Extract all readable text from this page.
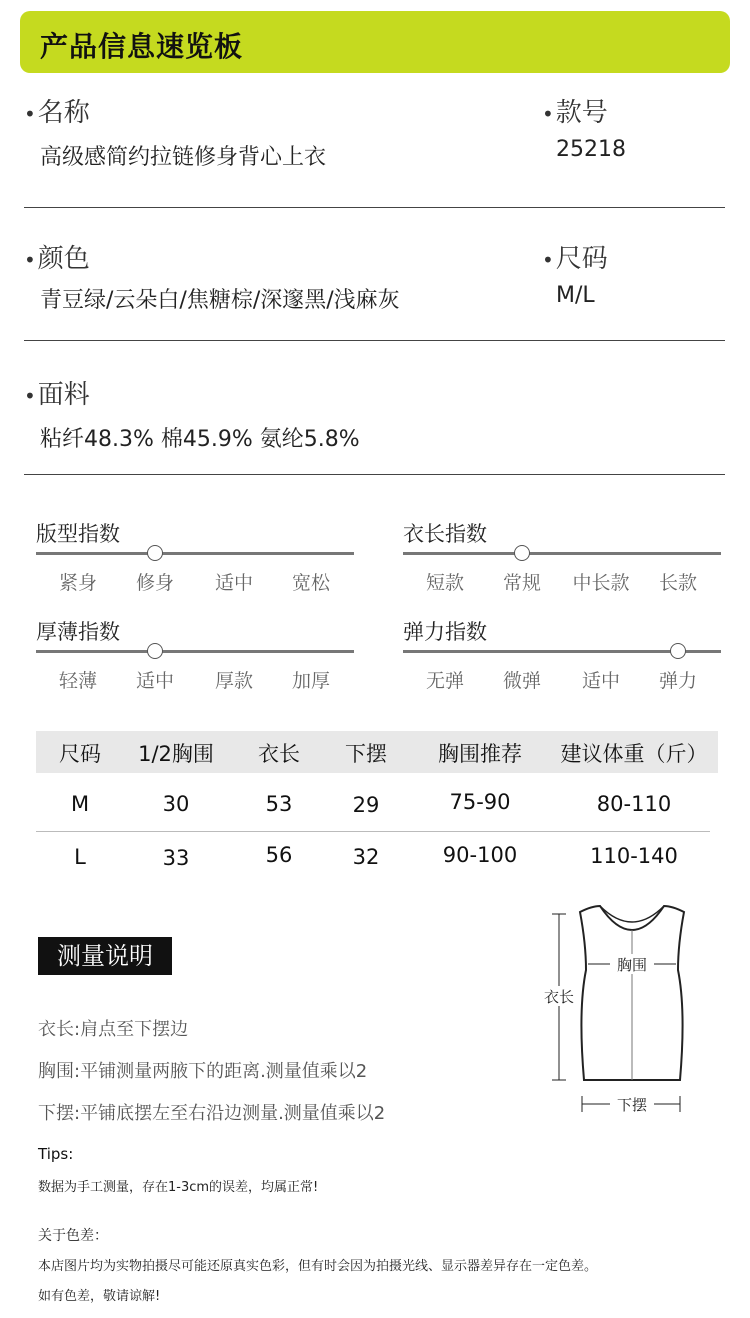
产品信息速览板
•名称
高级感简约拉链修身背心上衣
•款号
25218
•颜色
青豆绿/云朵白/焦糖棕/深邃黑/浅麻灰
•尺码
M/L
•面料
粘纤48.3% 棉45.9% 氨纶5.8%
版型指数
紧身	修身	适中	宽松
衣长指数
短款	常规	中长款	长款
厚薄指数
轻薄	适中	厚款	加厚
弹力指数
无弹	微弹	适中	弹力
尺码	1/2胸围	衣长	下摆	胸围推荐	建议体重（斤）
M	30	53	29	75-90	80-110
L	33	56	32	90-100	110-140
测量说明
衣长:肩点至下摆边
胸围:平铺测量两腋下的距离.测量值乘以2
下摆:平铺底摆左至右沿边测量.测量值乘以2
胸围
衣长
下摆
Tips:
数据为手工测量，存在1-3cm的误差，均属正常!
关于色差：
本店图片均为实物拍摄尽可能还原真实色彩，但有时会因为拍摄光线、显示器差异存在一定色差。
如有色差，敬请谅解!
